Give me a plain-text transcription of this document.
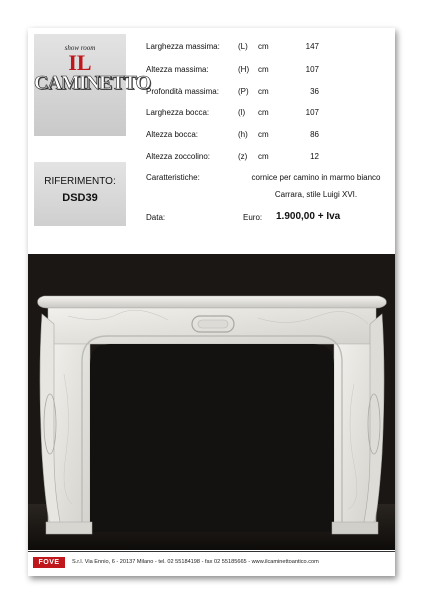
show room
IL
CAMINETTO
RIFERIMENTO:
DSD39
Larghezza massima: (L) cm	147
Altezza massima:	(H) cm	107
Profondità massima: (P) cm	36
Larghezza bocca:	(l) cm	107
Altezza bocca:	(h) cm	86
Altezza zoccolino:	(z) cm	12
Caratteristiche:	cornice per camino in marmo bianco Carrara, stile Luigi XVI.
Data:	Euro: 1.900,00 + Iva
FOVE	S.r.l. Via Ennio, 6 - 20137 Milano - tel. 02 55184198 - fax 02 55185665 - www.ilcaminettoantico.com
